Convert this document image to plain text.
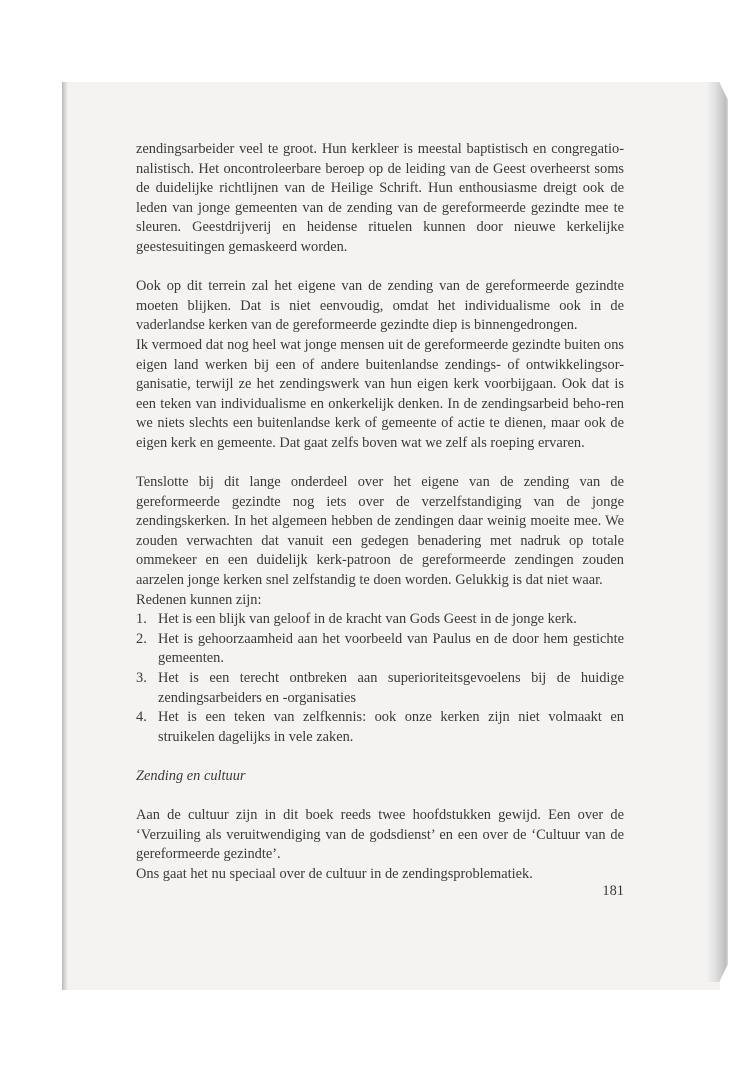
zendingsarbeider veel te groot. Hun kerkleer is meestal baptistisch en congregatio-nalistisch. Het oncontroleerbare beroep op de leiding van de Geest overheerst soms de duidelijke richtlijnen van de Heilige Schrift. Hun enthousiasme dreigt ook de leden van jonge gemeenten van de zending van de gereformeerde gezindte mee te sleuren. Geestdrijverij en heidense rituelen kunnen door nieuwe kerkelijke geestesuitingen gemaskeerd worden.

Ook op dit terrein zal het eigene van de zending van de gereformeerde gezindte moeten blijken. Dat is niet eenvoudig, omdat het individualisme ook in de vaderlandse kerken van de gereformeerde gezindte diep is binnengedrongen.

Ik vermoed dat nog heel wat jonge mensen uit de gereformeerde gezindte buiten ons eigen land werken bij een of andere buitenlandse zendings- of ontwikkelingsor-ganisatie, terwijl ze het zendingswerk van hun eigen kerk voorbijgaan. Ook dat is een teken van individualisme en onkerkelijk denken. In de zendingsarbeid beho-ren we niets slechts een buitenlandse kerk of gemeente of actie te dienen, maar ook de eigen kerk en gemeente. Dat gaat zelfs boven wat we zelf als roeping ervaren.

Tenslotte bij dit lange onderdeel over het eigene van de zending van de gereformeerde gezindte nog iets over de verzelfstandiging van de jonge zendingskerken. In het algemeen hebben de zendingen daar weinig moeite mee. We zouden verwachten dat vanuit een gedegen benadering met nadruk op totale ommekeer en een duidelijk kerk-patroon de gereformeerde zendingen zouden aarzelen jonge kerken snel zelfstandig te doen worden. Gelukkig is dat niet waar.

Redenen kunnen zijn:

1. Het is een blijk van geloof in de kracht van Gods Geest in de jonge kerk.
2. Het is gehoorzaamheid aan het voorbeeld van Paulus en de door hem gestichte gemeenten.
3. Het is een terecht ontbreken aan superioriteitsgevoelens bij de huidige zendingsarbeiders en -organisaties
4. Het is een teken van zelfkennis: ook onze kerken zijn niet volmaakt en struikelen dagelijks in vele zaken.
Zending en cultuur

Aan de cultuur zijn in dit boek reeds twee hoofdstukken gewijd. Een over de ‘Verzuiling als veruitwendiging van de godsdienst’ en een over de ‘Cultuur van de gereformeerde gezindte’.

Ons gaat het nu speciaal over de cultuur in de zendingsproblematiek.

181
